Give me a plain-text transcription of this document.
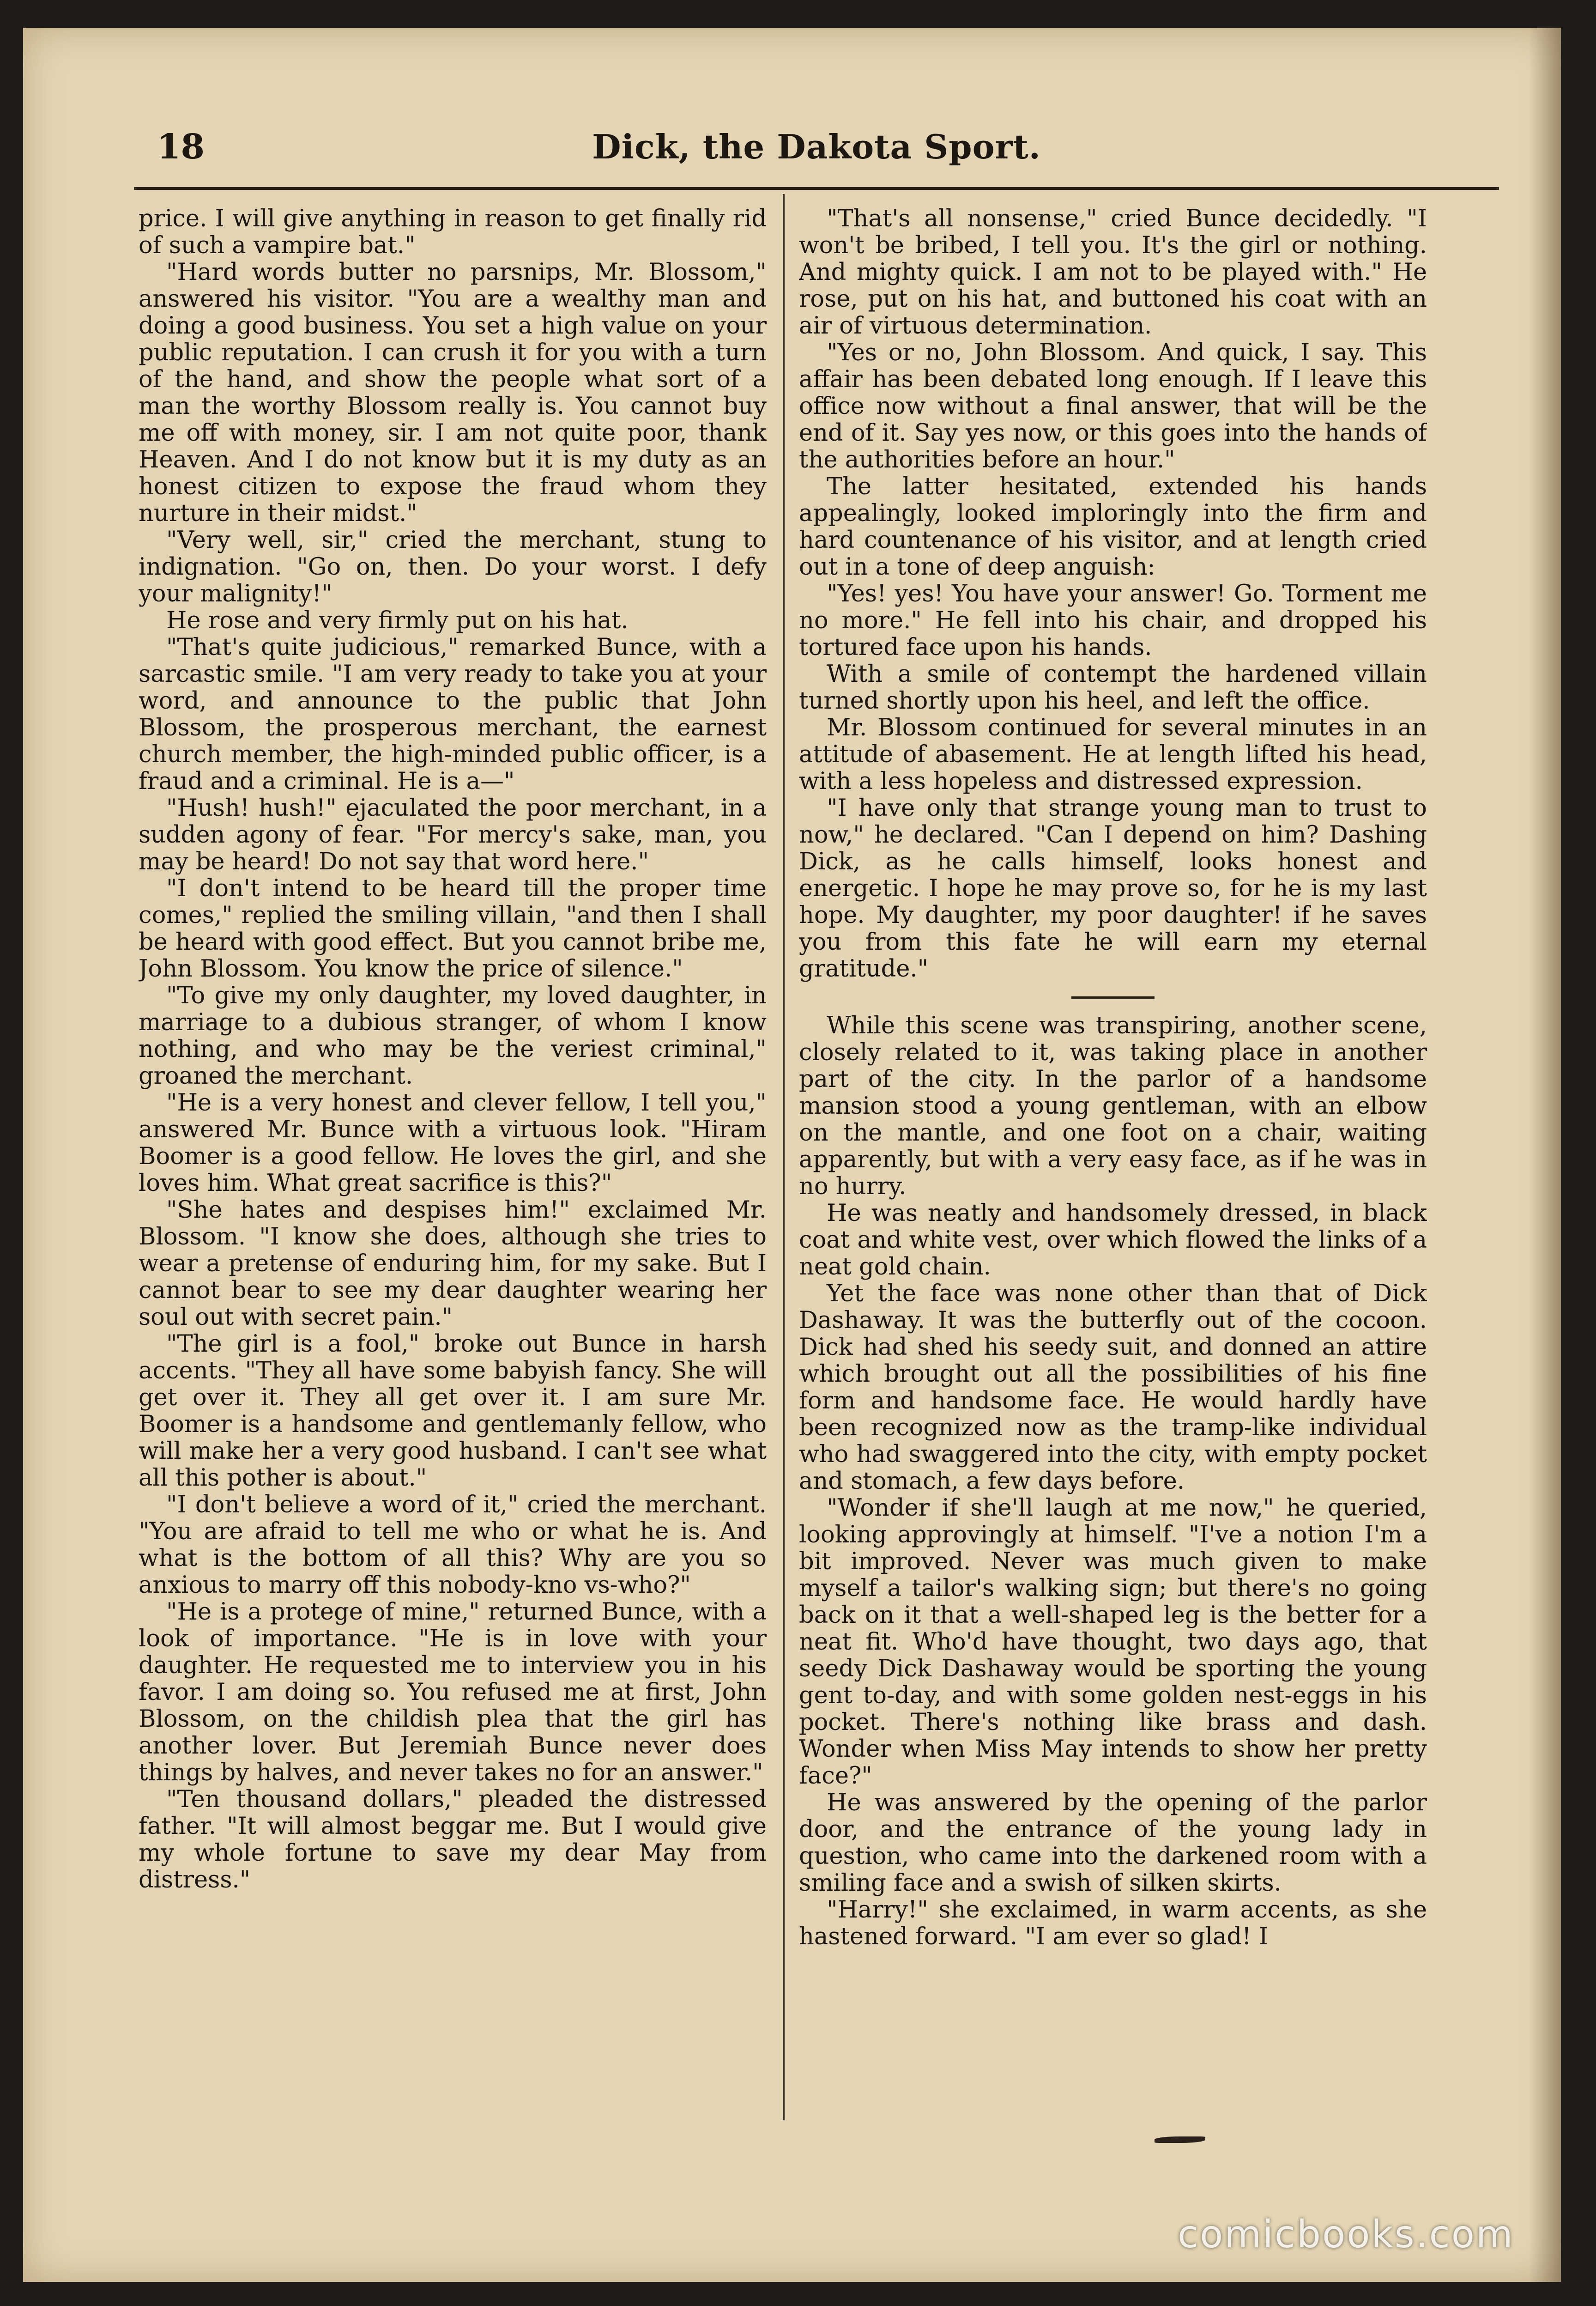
18	Dick, the Dakota Sport.

price. I will give anything in reason to get finally rid of such a vampire bat."

"Hard words butter no parsnips, Mr. Blossom," answered his visitor. "You are a wealthy man and doing a good business. You set a high value on your public reputation. I can crush it for you with a turn of the hand, and show the people what sort of a man the worthy Blossom really is. You cannot buy me off with money, sir. I am not quite poor, thank Heaven. And I do not know but it is my duty as an honest citizen to expose the fraud whom they nurture in their midst."

"Very well, sir," cried the merchant, stung to indignation. "Go on, then. Do your worst. I defy your malignity!"

He rose and very firmly put on his hat.

"That's quite judicious," remarked Bunce, with a sarcastic smile. "I am very ready to take you at your word, and announce to the public that John Blossom, the prosperous merchant, the earnest church member, the high-minded public officer, is a fraud and a criminal. He is a—"

"Hush! hush!" ejaculated the poor merchant, in a sudden agony of fear. "For mercy's sake, man, you may be heard! Do not say that word here."

"I don't intend to be heard till the proper time comes," replied the smiling villain, "and then I shall be heard with good effect. But you cannot bribe me, John Blossom. You know the price of silence."

"To give my only daughter, my loved daughter, in marriage to a dubious stranger, of whom I know nothing, and who may be the veriest criminal," groaned the merchant.

"He is a very honest and clever fellow, I tell you," answered Mr. Bunce with a virtuous look. "Hiram Boomer is a good fellow. He loves the girl, and she loves him. What great sacrifice is this?"

"She hates and despises him!" exclaimed Mr. Blossom. "I know she does, although she tries to wear a pretense of enduring him, for my sake. But I cannot bear to see my dear daughter wearing her soul out with secret pain."

"The girl is a fool," broke out Bunce in harsh accents. "They all have some babyish fancy. She will get over it. They all get over it. I am sure Mr. Boomer is a handsome and gentlemanly fellow, who will make her a very good husband. I can't see what all this pother is about."

"I don't believe a word of it," cried the merchant. "You are afraid to tell me who or what he is. And what is the bottom of all this? Why are you so anxious to marry off this nobody-kno vs-who?"

"He is a protege of mine," returned Bunce, with a look of importance. "He is in love with your daughter. He requested me to interview you in his favor. I am doing so. You refused me at first, John Blossom, on the childish plea that the girl has another lover. But Jeremiah Bunce never does things by halves, and never takes no for an answer."

"Ten thousand dollars," pleaded the distressed father. "It will almost beggar me. But I would give my whole fortune to save my dear May from distress."

"That's all nonsense," cried Bunce decidedly. "I won't be bribed, I tell you. It's the girl or nothing. And mighty quick. I am not to be played with." He rose, put on his hat, and buttoned his coat with an air of virtuous determination.

"Yes or no, John Blossom. And quick, I say. This affair has been debated long enough. If I leave this office now without a final answer, that will be the end of it. Say yes now, or this goes into the hands of the authorities before an hour."

The latter hesitated, extended his hands appealingly, looked imploringly into the firm and hard countenance of his visitor, and at length cried out in a tone of deep anguish:

"Yes! yes! You have your answer! Go. Torment me no more." He fell into his chair, and dropped his tortured face upon his hands.

With a smile of contempt the hardened villain turned shortly upon his heel, and left the office.

Mr. Blossom continued for several minutes in an attitude of abasement. He at length lifted his head, with a less hopeless and distressed expression.

"I have only that strange young man to trust to now," he declared. "Can I depend on him? Dashing Dick, as he calls himself, looks honest and energetic. I hope he may prove so, for he is my last hope. My daughter, my poor daughter! if he saves you from this fate he will earn my eternal gratitude."

While this scene was transpiring, another scene, closely related to it, was taking place in another part of the city. In the parlor of a handsome mansion stood a young gentleman, with an elbow on the mantle, and one foot on a chair, waiting apparently, but with a very easy face, as if he was in no hurry.

He was neatly and handsomely dressed, in black coat and white vest, over which flowed the links of a neat gold chain.

Yet the face was none other than that of Dick Dashaway. It was the butterfly out of the cocoon. Dick had shed his seedy suit, and donned an attire which brought out all the possibilities of his fine form and handsome face. He would hardly have been recognized now as the tramp-like individual who had swaggered into the city, with empty pocket and stomach, a few days before.

"Wonder if she'll laugh at me now," he queried, looking approvingly at himself. "I've a notion I'm a bit improved. Never was much given to make myself a tailor's walking sign; but there's no going back on it that a well-shaped leg is the better for a neat fit. Who'd have thought, two days ago, that seedy Dick Dashaway would be sporting the young gent to-day, and with some golden nest-eggs in his pocket. There's nothing like brass and dash. Wonder when Miss May intends to show her pretty face?"

He was answered by the opening of the parlor door, and the entrance of the young lady in question, who came into the darkened room with a smiling face and a swish of silken skirts.

"Harry!" she exclaimed, in warm accents, as she hastened forward. "I am ever so glad! I

comicbooks.com
